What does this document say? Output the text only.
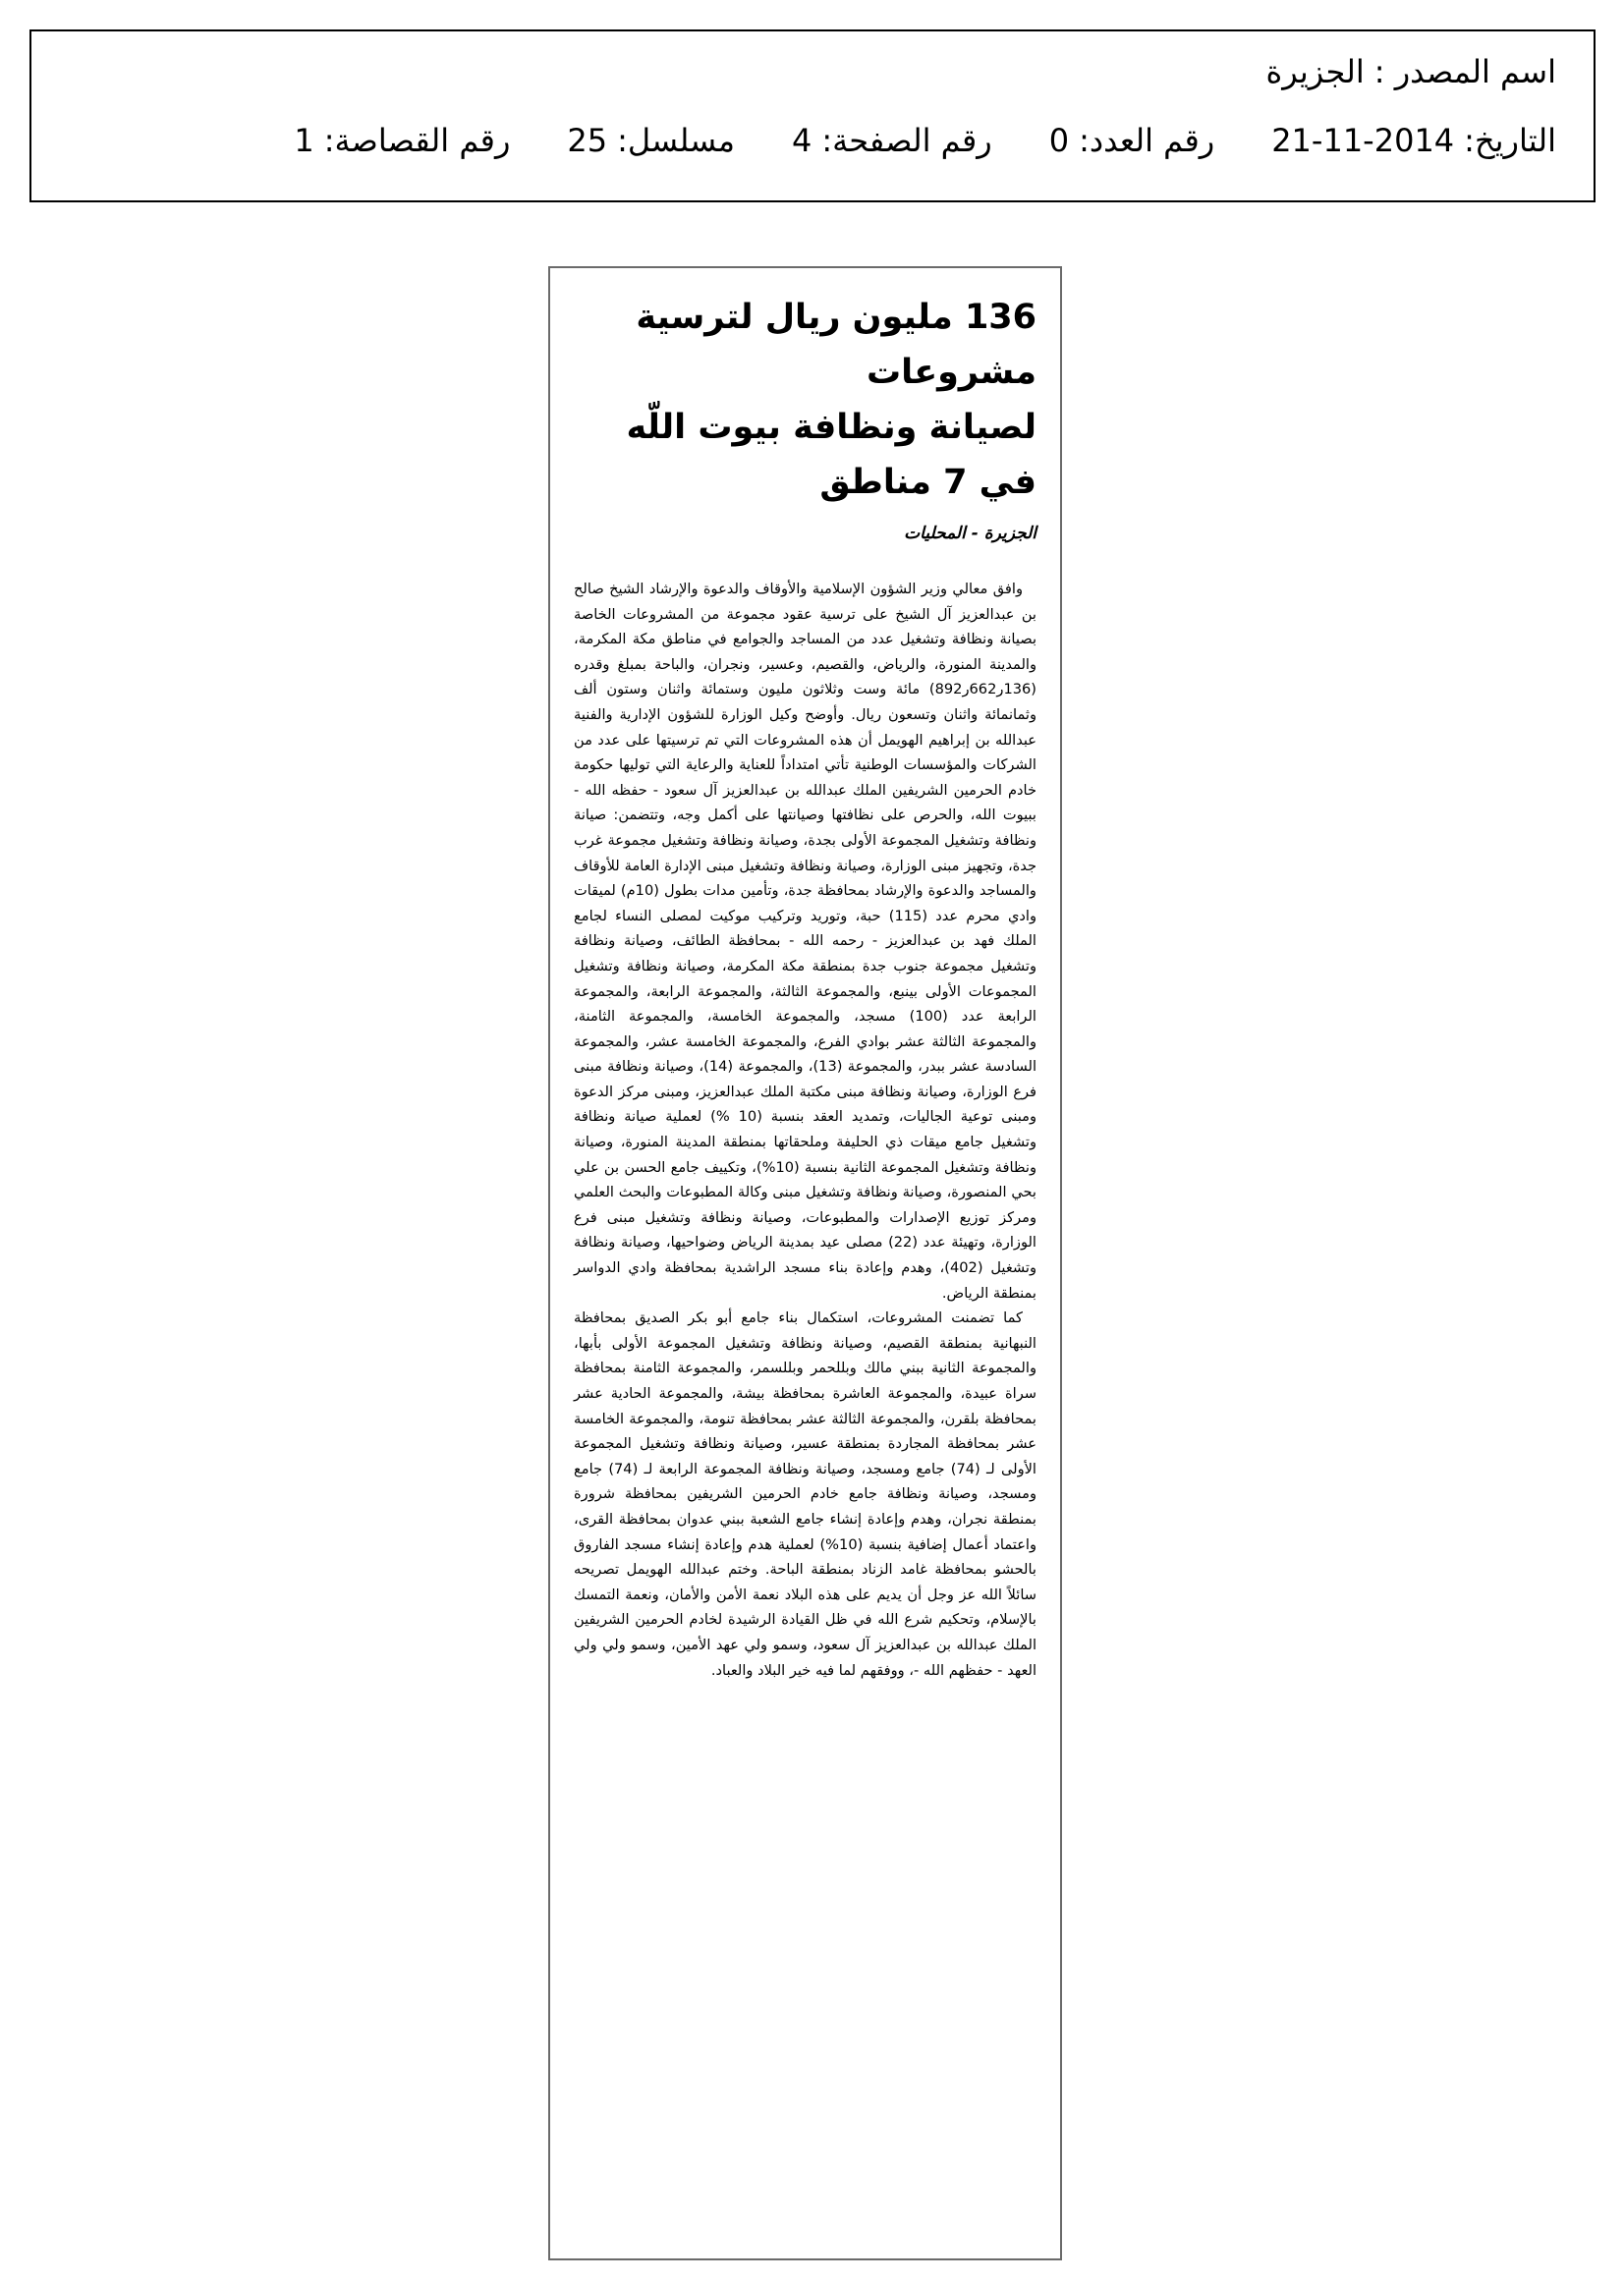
اسم المصدر :الجزيرة
التاريخ:2014-11-21رقم العدد:0رقم الصفحة:4مسلسل:25رقم القصاصة:1
136 مليون ريال لترسية مشروعات
لصيانة ونظافة بيوت اللّه في 7 مناطق
الجزيرة - المحليات

وافق معالي وزير الشؤون الإسلامية والأوقاف والدعوة والإرشاد الشيخ صالح بن عبدالعزيز آل الشيخ على ترسية عقود مجموعة من المشروعات الخاصة بصيانة ونظافة وتشغيل عدد من المساجد والجوامع في مناطق مكة المكرمة، والمدينة المنورة، والرياض، والقصيم، وعسير، ونجران، والباحة بمبلغ وقدره (136ر662ر892) مائة وست وثلاثون مليون وستمائة واثنان وستون ألف وثمانمائة واثنان وتسعون ريال. وأوضح وكيل الوزارة للشؤون الإدارية والفنية عبدالله بن إبراهيم الهويمل أن هذه المشروعات التي تم ترسيتها على عدد من الشركات والمؤسسات الوطنية تأتي امتداداً للعناية والرعاية التي توليها حكومة خادم الحرمين الشريفين الملك عبدالله بن عبدالعزيز آل سعود - حفظه الله - ببيوت الله، والحرص على نظافتها وصيانتها على أكمل وجه، وتتضمن: صيانة ونظافة وتشغيل المجموعة الأولى بجدة، وصيانة ونظافة وتشغيل مجموعة غرب جدة، وتجهيز مبنى الوزارة، وصيانة ونظافة وتشغيل مبنى الإدارة العامة للأوقاف والمساجد والدعوة والإرشاد بمحافظة جدة، وتأمين مدات بطول (10م) لميقات وادي محرم عدد (115) حبة، وتوريد وتركيب موكيت لمصلى النساء لجامع الملك فهد بن عبدالعزيز - رحمه الله - بمحافظة الطائف، وصيانة ونظافة وتشغيل مجموعة جنوب جدة بمنطقة مكة المكرمة، وصيانة ونظافة وتشغيل المجموعات الأولى بينبع، والمجموعة الثالثة، والمجموعة الرابعة، والمجموعة الرابعة عدد (100) مسجد، والمجموعة الخامسة، والمجموعة الثامنة، والمجموعة الثالثة عشر بوادي الفرع، والمجموعة الخامسة عشر، والمجموعة السادسة عشر ببدر، والمجموعة (13)، والمجموعة (14)، وصيانة ونظافة مبنى فرع الوزارة، وصيانة ونظافة مبنى مكتبة الملك عبدالعزيز، ومبنى مركز الدعوة ومبنى توعية الجاليات، وتمديد العقد بنسبة (10 %) لعملية صيانة ونظافة وتشغيل جامع ميقات ذي الحليفة وملحقاتها بمنطقة المدينة المنورة، وصيانة ونظافة وتشغيل المجموعة الثانية بنسبة (10%)، وتكييف جامع الحسن بن علي بحي المنصورة، وصيانة ونظافة وتشغيل مبنى وكالة المطبوعات والبحث العلمي ومركز توزيع الإصدارات والمطبوعات، وصيانة ونظافة وتشغيل مبنى فرع الوزارة، وتهيئة عدد (22) مصلى عيد بمدينة الرياض وضواحيها، وصيانة ونظافة وتشغيل (402)، وهدم وإعادة بناء مسجد الراشدية بمحافظة وادي الدواسر بمنطقة الرياض.

كما تضمنت المشروعات، استكمال بناء جامع أبو بكر الصديق بمحافظة النبهانية بمنطقة القصيم، وصيانة ونظافة وتشغيل المجموعة الأولى بأبها، والمجموعة الثانية ببني مالك وبللحمر وبللسمر، والمجموعة الثامنة بمحافظة سراة عبيدة، والمجموعة العاشرة بمحافظة بيشة، والمجموعة الحادية عشر بمحافظة بلقرن، والمجموعة الثالثة عشر بمحافظة تنومة، والمجموعة الخامسة عشر بمحافظة المجاردة بمنطقة عسير، وصيانة ونظافة وتشغيل المجموعة الأولى لـ (74) جامع ومسجد، وصيانة ونظافة المجموعة الرابعة لـ (74) جامع ومسجد، وصيانة ونظافة جامع خادم الحرمين الشريفين بمحافظة شرورة بمنطقة نجران، وهدم وإعادة إنشاء جامع الشعبة ببني عدوان بمحافظة القرى، واعتماد أعمال إضافية بنسبة (10%) لعملية هدم وإعادة إنشاء مسجد الفاروق بالحشو بمحافظة غامد الزناد بمنطقة الباحة. وختم عبدالله الهويمل تصريحه سائلاً الله عز وجل أن يديم على هذه البلاد نعمة الأمن والأمان، ونعمة التمسك بالإسلام، وتحكيم شرع الله في ظل القيادة الرشيدة لخادم الحرمين الشريفين الملك عبدالله بن عبدالعزيز آل سعود، وسمو ولي عهد الأمين، وسمو ولي ولي العهد - حفظهم الله -، ووفقهم لما فيه خير البلاد والعباد.
